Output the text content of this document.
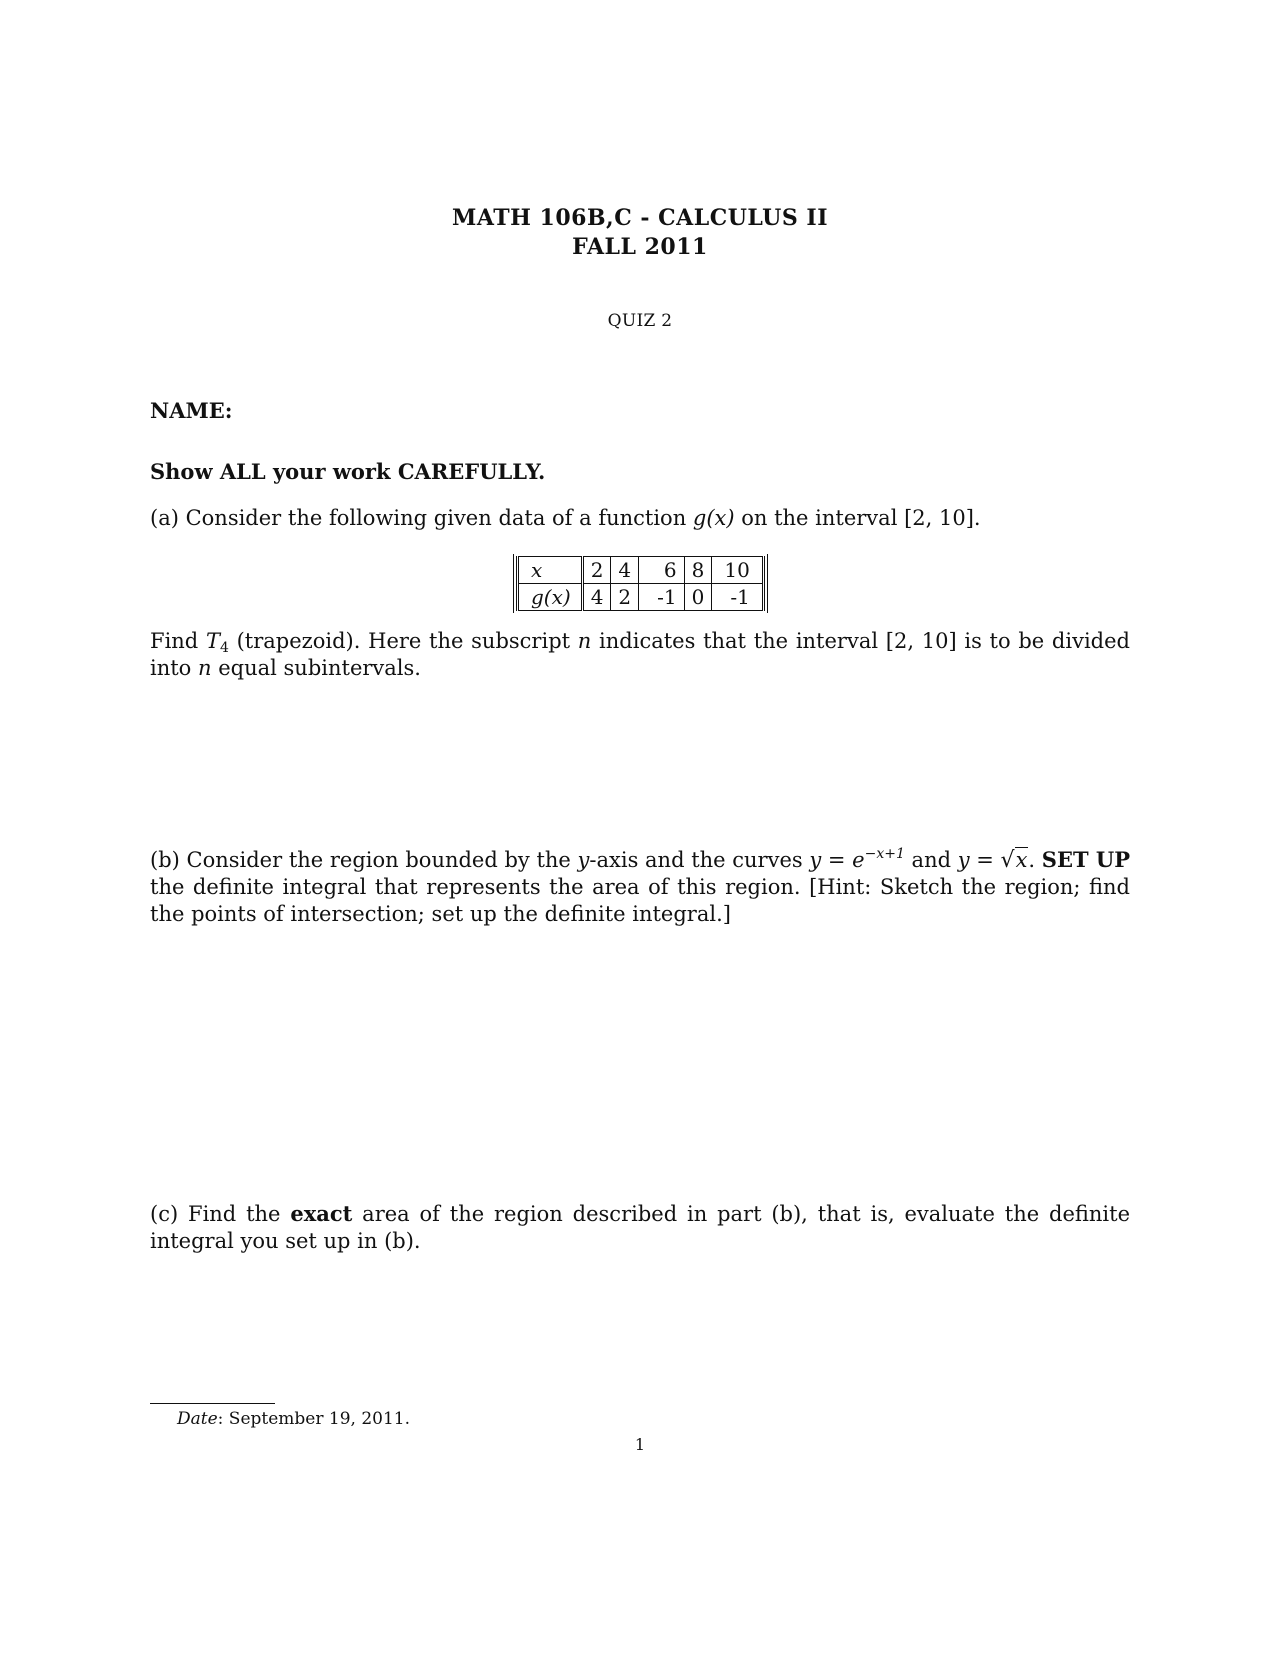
MATH 106B,C - CALCULUS II
FALL 2011
QUIZ 2
NAME:
Show ALL your work CAREFULLY.
(a) Consider the following given data of a function g(x) on the interval [2, 10].
x	2	4	6	8	10
g(x)	4	2	-1	0	-1
Find $T_4$ (trapezoid). Here the subscript n indicates that the interval [2, 10] is to be divided into n equal subintervals.
(b) Consider the region bounded by the y-axis and the curves $y = e^{-x+1}$ and y = √x. SET UP the definite integral that represents the area of this region. [Hint: Sketch the region; find the points of intersection; set up the definite integral.]
(c) Find the exact area of the region described in part (b), that is, evaluate the definite integral you set up in (b).
Date: September 19, 2011.
1
